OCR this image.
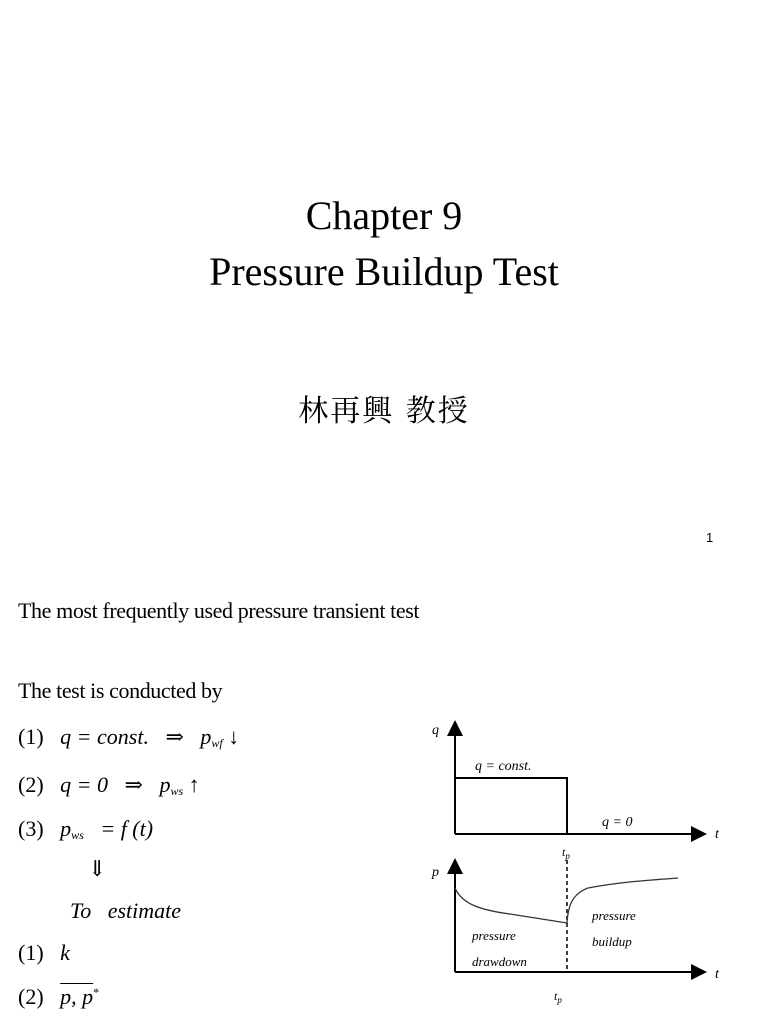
Chapter 9
Pressure Buildup Test
林再興 教授
1
The most frequently used pressure transient test
The test is conducted by
(1) q = const. ⇒ $p_{wf}$ ↓
(2) q = 0 ⇒ $p_{ws}$ ↑
(3) $p_{ws} = f$ (t)
⇓
To   estimate
(1) k
(2) p, p*
q
t
q = const.
q = 0
$t_p$
p
t
pressure
drawdown
pressure
buildup
$t_p$
